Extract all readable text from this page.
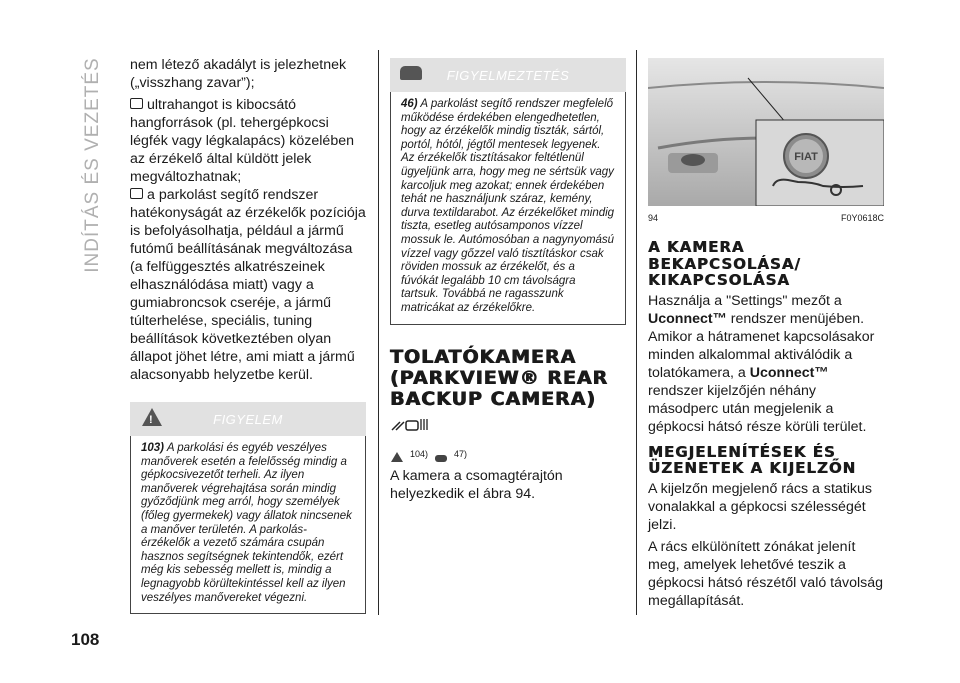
INDÍTÁS ÉS VEZETÉS
108

nem létező akadályt is jelezhetnek („visszhang zavar”);

ultrahangot is kibocsátó hangforrások (pl. tehergépkocsi légfék vagy légkalapács) közelében az érzékelő által küldött jelek megváltozhatnak;

a parkolást segítő rendszer hatékonyságát az érzékelők pozíciója is befolyásolhatja, például a jármű futómű beállításának megváltozása (a felfüggesztés alkatrészeinek elhasználódása miatt) vagy a gumiabroncsok cseréje, a jármű túlterhelése, speciális, tuning beállítások következtében olyan állapot jöhet létre, ami miatt a jármű alacsonyabb helyzetbe kerül.

!
FIGYELEM
103) A parkolási és egyéb veszélyes manőverek esetén a felelősség mindig a gépkocsivezetőt terheli. Az ilyen manőverek végrehajtása során mindig győződjünk meg arról, hogy személyek (főleg gyermekek) vagy állatok nincsenek a manőver területén. A parkolás-érzékelők a vezető számára csupán hasznos segítségnek tekintendők, ezért még kis sebesség mellett is, mindig a legnagyobb körültekintéssel kell az ilyen veszélyes manővereket végezni.
FIGYELMEZTETÉS
46) A parkolást segítő rendszer megfelelő működése érdekében elengedhetetlen, hogy az érzékelők mindig tiszták, sártól, portól, hótól, jégtől mentesek legyenek. Az érzékelők tisztításakor feltétlenül ügyeljünk arra, hogy meg ne sértsük vagy karcoljuk meg azokat; ennek érdekében tehát ne használjunk száraz, kemény, durva textildarabot. Az érzékelőket mindig tiszta, esetleg autósamponos vízzel mossuk le. Autómosóban a nagynyomású vízzel vagy gőzzel való tisztításkor csak röviden mossuk az érzékelőt, és a fúvókát legalább 10 cm távolságra tartsuk. Továbbá ne ragasszunk matricákat az érzékelőkre.
TOLATÓKAMERA (PARKVIEW® REAR BACKUP CAMERA)
104)	47)

A kamera a csomagtérajtón helyezkedik el ábra 94.

FIAT
94	F0Y0618C
A KAMERA BEKAPCSOLÁSA/ KIKAPCSOLÁSA

Használja a "Settings" mezőt a Uconnect™ rendszer menüjében. Amikor a hátramenet kapcsolásakor minden alkalommal aktiválódik a tolatókamera, a Uconnect™ rendszer kijelzőjén néhány másodperc után megjelenik a gépkocsi hátsó része körüli terület.

MEGJELENÍTÉSEK ÉS ÜZENETEK A KIJELZŐN

A kijelzőn megjelenő rács a statikus vonalakkal a gépkocsi szélességét jelzi.

A rács elkülönített zónákat jelenít meg, amelyek lehetővé teszik a gépkocsi hátsó részétől való távolság megállapítását.
